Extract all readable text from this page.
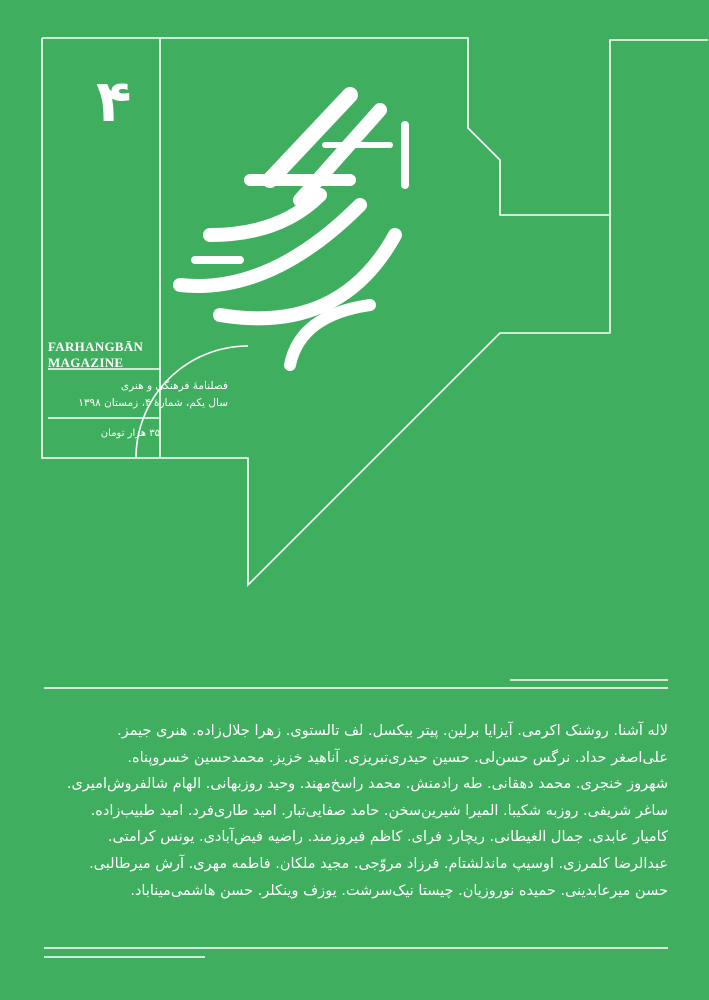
۴
FARHANGBĀN
MAGAZINE
فصلنامهٔ فرهنگی و هنری
سال یکم، شمارهٔ ۴، زمستان ۱۳۹۸
۳۵ هزار تومان
لاله آشنا. روشنک اکرمی. آیزایا برلین. پیتر بیکسل. لف تالستوی. زهرا جلال‌زاده. هنری جیمز.
علی‌اصغر حداد. نرگس حسن‌لی. حسین حیدری‌تبریزی. آناهید خزیز. محمدحسین خسروپناه.
شهروز خنجری. محمد دهقانی. طه رادمنش. محمد راسخ‌مهند. وحید روزبهانی. الهام شالفروش‌امیری.
ساغر شریفی. روزبه شکیبا. المیرا شیرین‌سخن. حامد صفایی‌تبار. امید طاری‌فرد. امید طبیب‌زاده.
کامیار عابدی. جمال الغیطانی. ریچارد فرای. کاظم فیروزمند. راضیه فیض‌آبادی. یونس کرامتی.
عبدالرضا کلمرزی. اوسیپ ماندلشتام. فرزاد مروّجی. مجید ملکان. فاطمه مهری. آرش میرطالبی.
حسن میرعابدینی. حمیده نوروزیان. چیستا نیک‌سرشت. یوزف وینکلر. حسن هاشمی‌میناباد.
